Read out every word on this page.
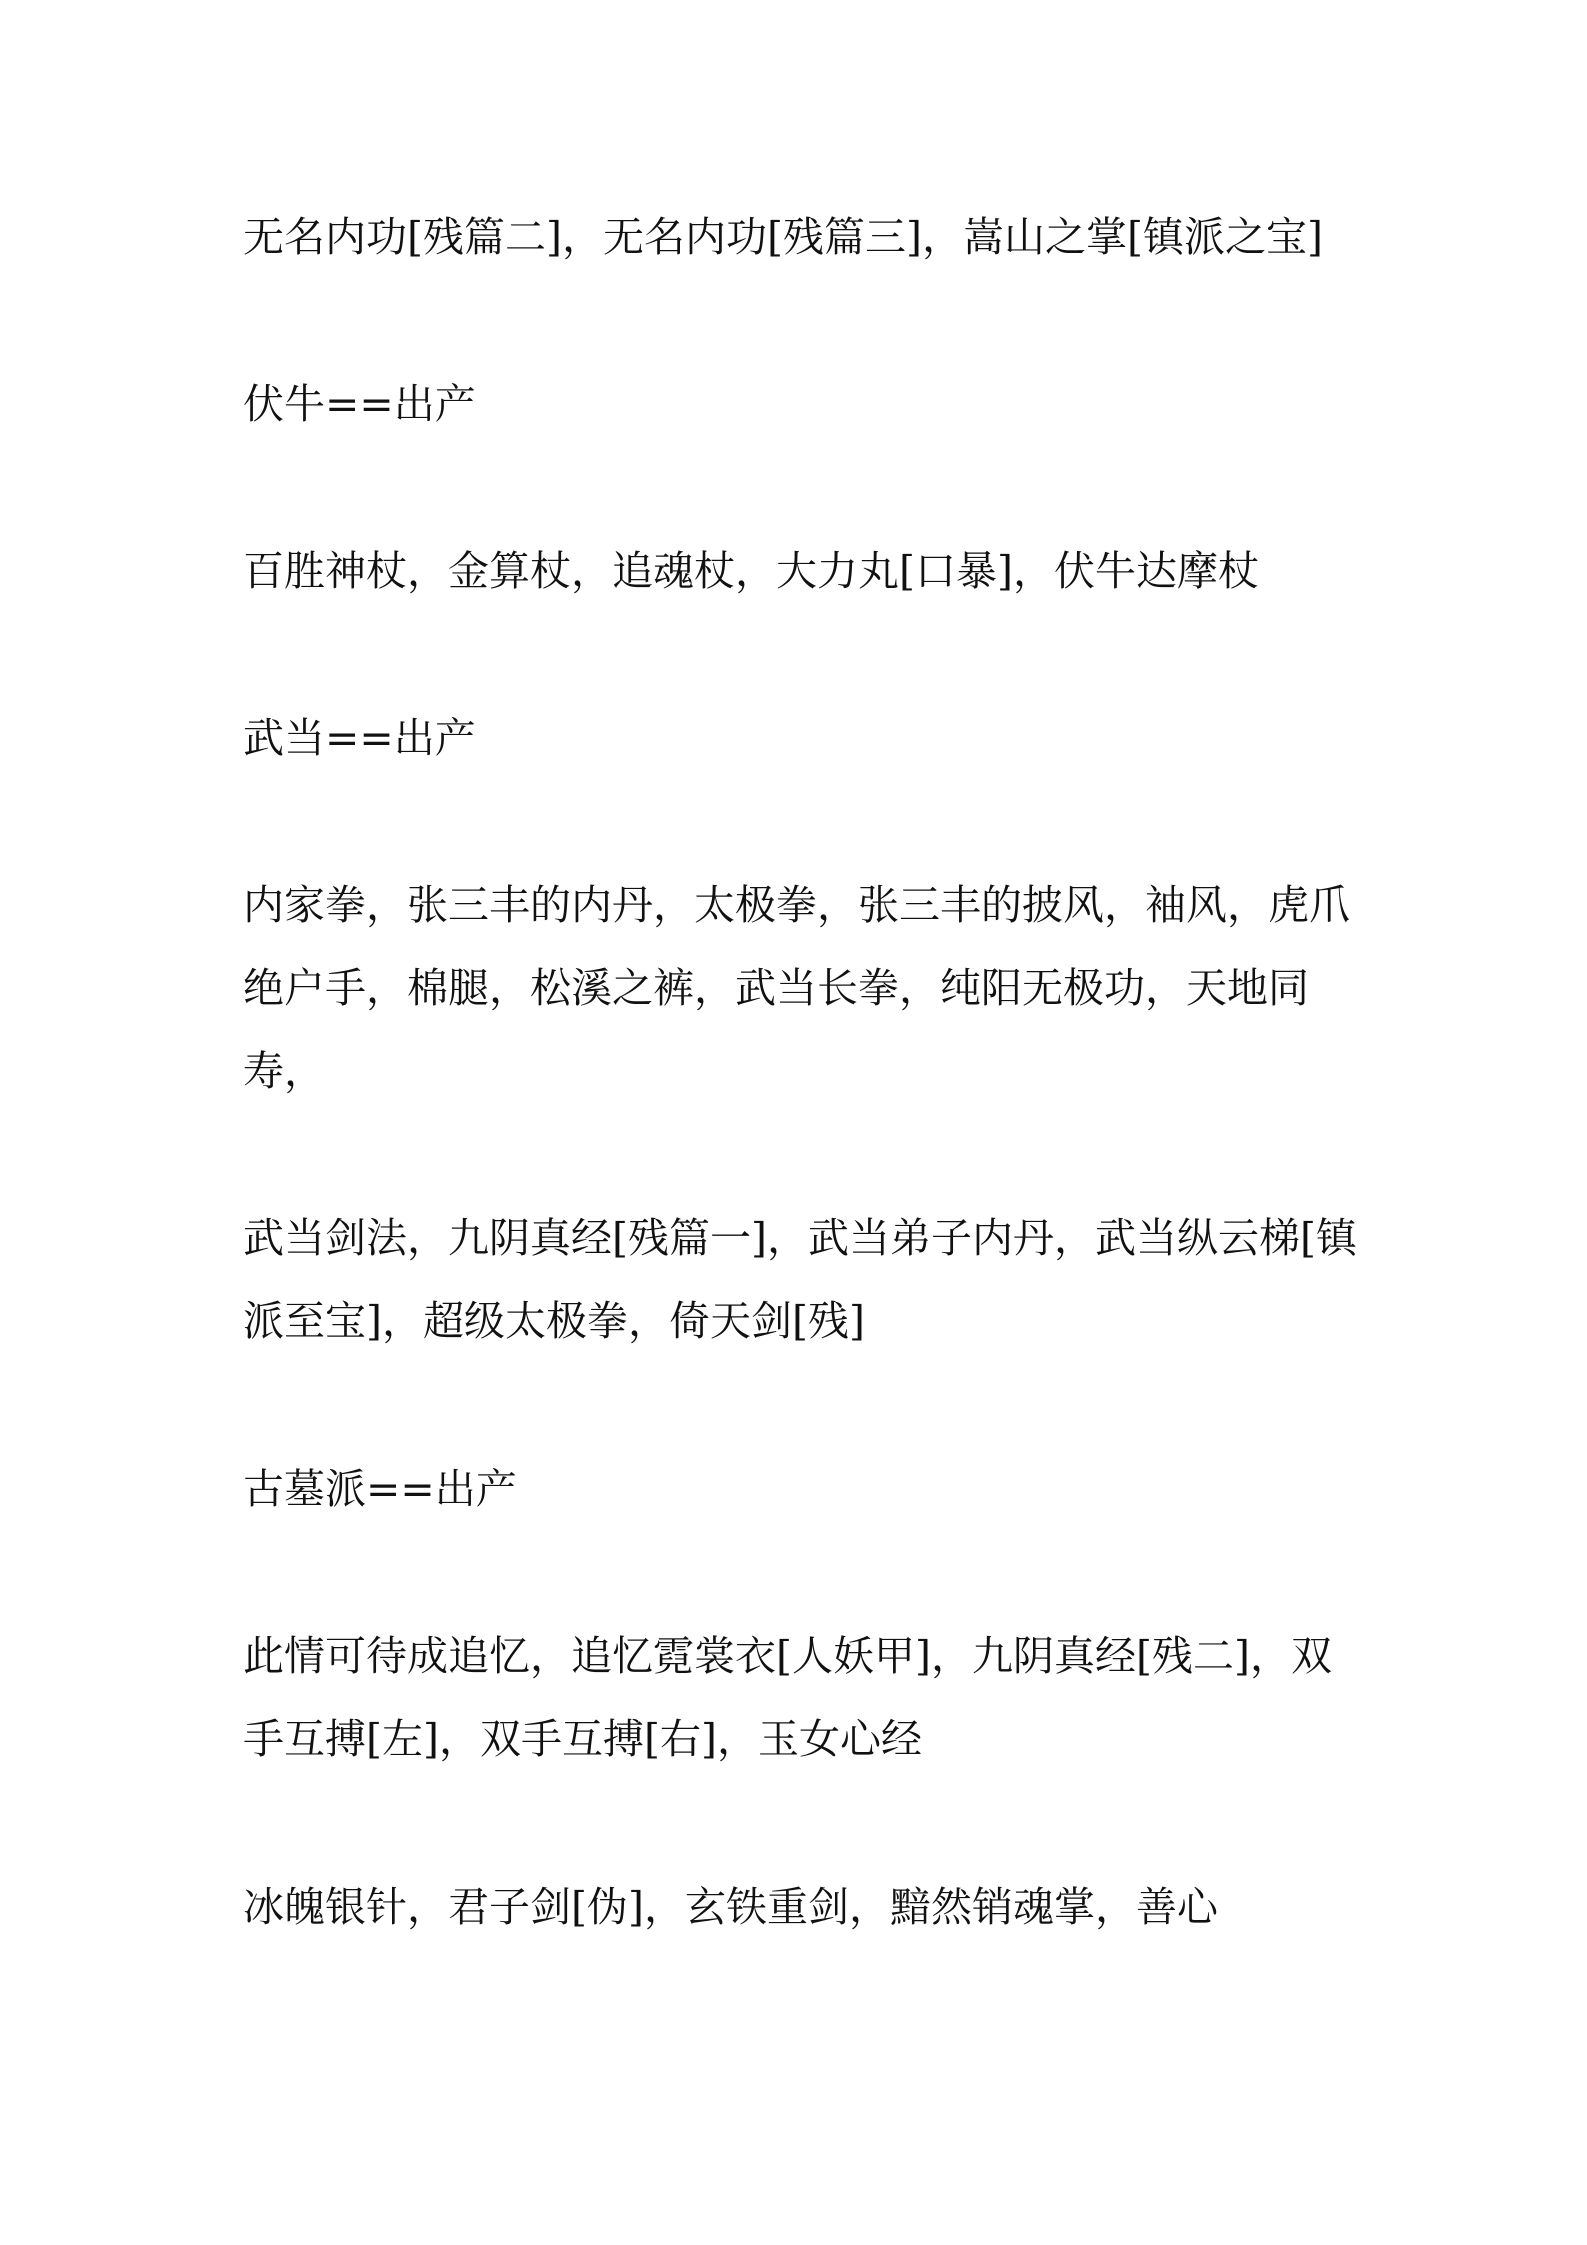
无名内功[残篇二]，无名内功[残篇三]，嵩山之掌[镇派之宝]

伏牛==出产

百胜神杖，金算杖，追魂杖，大力丸[口暴]，伏牛达摩杖

武当==出产

内家拳，张三丰的内丹，太极拳，张三丰的披风，袖风，虎爪绝户手，棉腿，松溪之裤，武当长拳，纯阳无极功，天地同寿，

武当剑法，九阴真经[残篇一]，武当弟子内丹，武当纵云梯[镇派至宝]，超级太极拳，倚天剑[残]

古墓派==出产

此情可待成追忆，追忆霓裳衣[人妖甲]，九阴真经[残二]，双手互搏[左]，双手互搏[右]，玉女心经

冰魄银针，君子剑[伪]，玄铁重剑，黯然销魂掌，善心
